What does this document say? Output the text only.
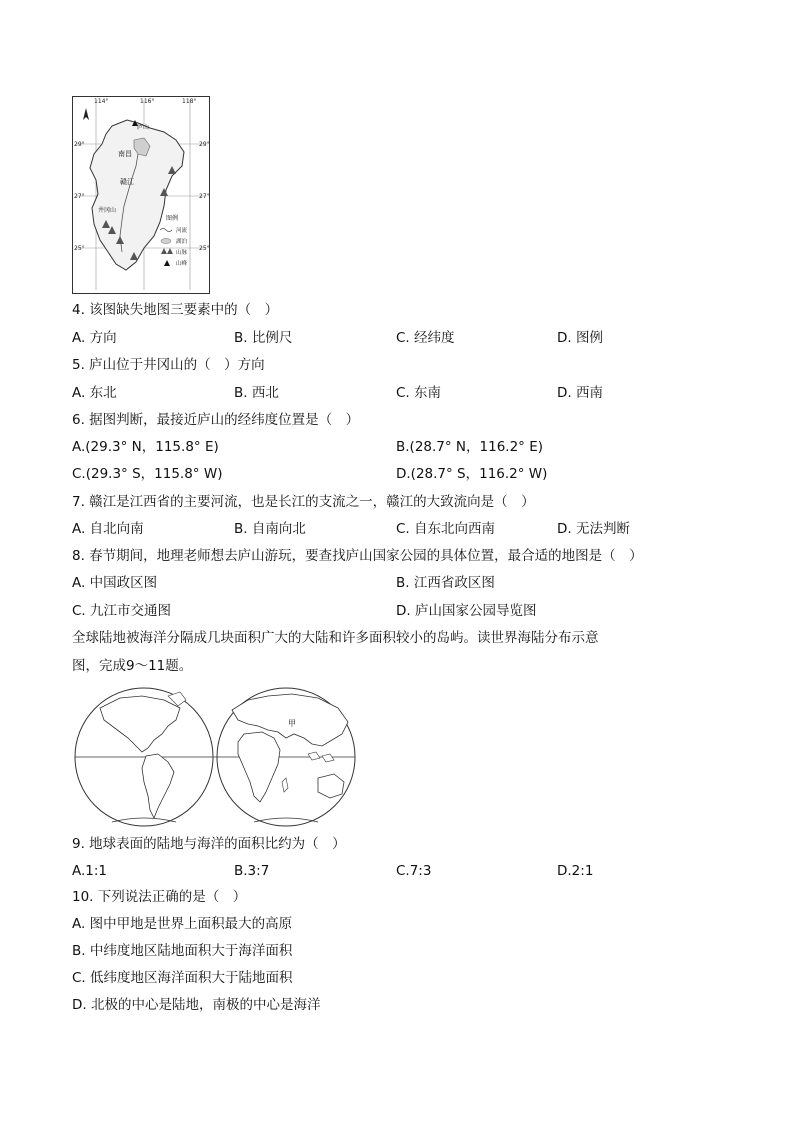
114°	116°	118°
29°
27°
25°
29°
27°
25°
庐山
南昌
赣江
井冈山
图例
河流
湖泊
山脉
山峰
4. 该图缺失地图三要素中的（　）
A. 方向	B. 比例尺	C. 经纬度	D. 图例
5. 庐山位于井冈山的（　）方向
A. 东北	B. 西北	C. 东南	D. 西南
6. 据图判断，最接近庐山的经纬度位置是（　）
A.(29.3° N，115.8° E)	B.(28.7° N，116.2° E)
C.(29.3° S，115.8° W)	D.(28.7° S，116.2° W)
7. 赣江是江西省的主要河流，也是长江的支流之一，赣江的大致流向是（　）
A. 自北向南	B. 自南向北	C. 自东北向西南	D. 无法判断
8. 春节期间，地理老师想去庐山游玩，要查找庐山国家公园的具体位置，最合适的地图是（　）
A. 中国政区图	B. 江西省政区图
C. 九江市交通图	D. 庐山国家公园导览图
全球陆地被海洋分隔成几块面积广大的大陆和许多面积较小的岛屿。读世界海陆分布示意
图，完成9～11题。
甲
9. 地球表面的陆地与海洋的面积比约为（　）
A.1:1	B.3:7	C.7:3	D.2:1
10. 下列说法正确的是（　）
A. 图中甲地是世界上面积最大的高原
B. 中纬度地区陆地面积大于海洋面积
C. 低纬度地区海洋面积大于陆地面积
D. 北极的中心是陆地，南极的中心是海洋
